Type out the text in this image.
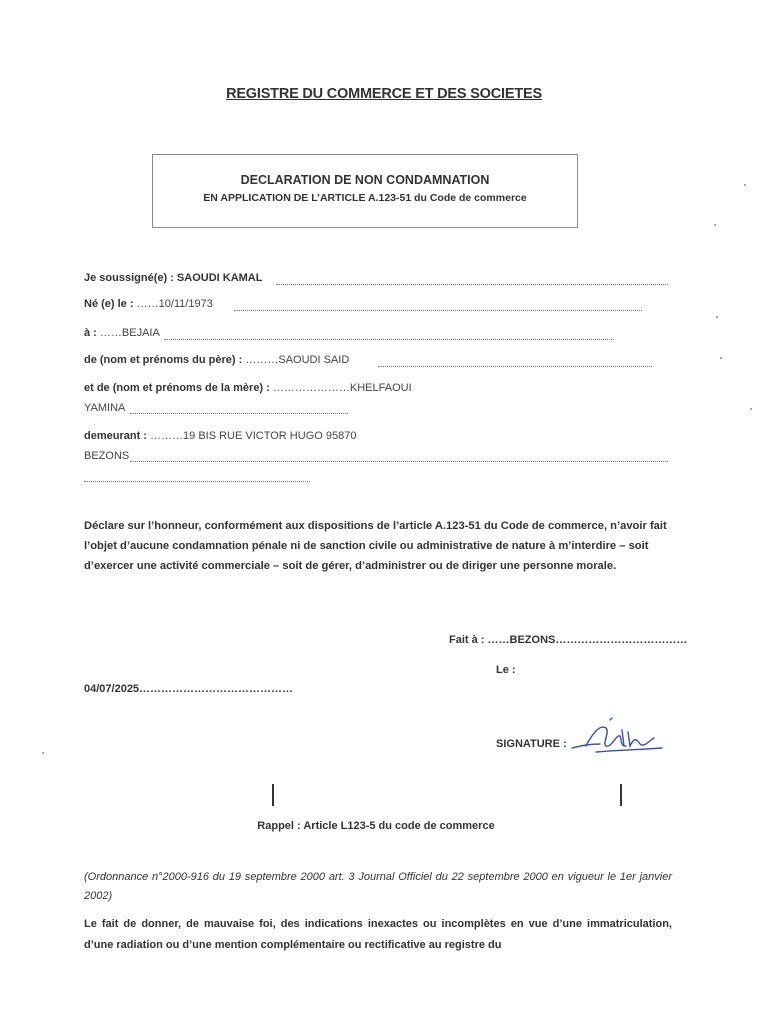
REGISTRE DU COMMERCE ET DES SOCIETES
DECLARATION DE NON CONDAMNATION
EN APPLICATION DE L’ARTICLE A.123-51 du Code de commerce
Je soussigné(e) : SAOUDI KAMAL
Né (e) le : ……10/11/1973
à : ……BEJAIA
de (nom et prénoms du père) : ………SAOUDI SAID
et de (nom et prénoms de la mère) : …………………KHELFAOUI
YAMINA
demeurant : ………19 BIS RUE VICTOR HUGO 95870
BEZONS
Déclare sur l’honneur, conformément aux dispositions de l’article A.123-51 du Code de commerce, n’avoir fait l’objet d’aucune condamnation pénale ni de sanction civile ou administrative de nature à m’interdire – soit d’exercer une activité commerciale – soit de gérer, d’administrer ou de diriger une personne morale.
Fait à : ……BEZONS………………………………
Le :
04/07/2025……………………………………
SIGNATURE :
Rappel : Article L123-5 du code de commerce
(Ordonnance n°2000-916 du 19 septembre 2000 art. 3 Journal Officiel du 22 septembre 2000 en vigueur le 1er janvier 2002)
Le fait de donner, de mauvaise foi, des indications inexactes ou incomplètes en vue d’une immatriculation, d’une radiation ou d’une mention complémentaire ou rectificative au registre du
